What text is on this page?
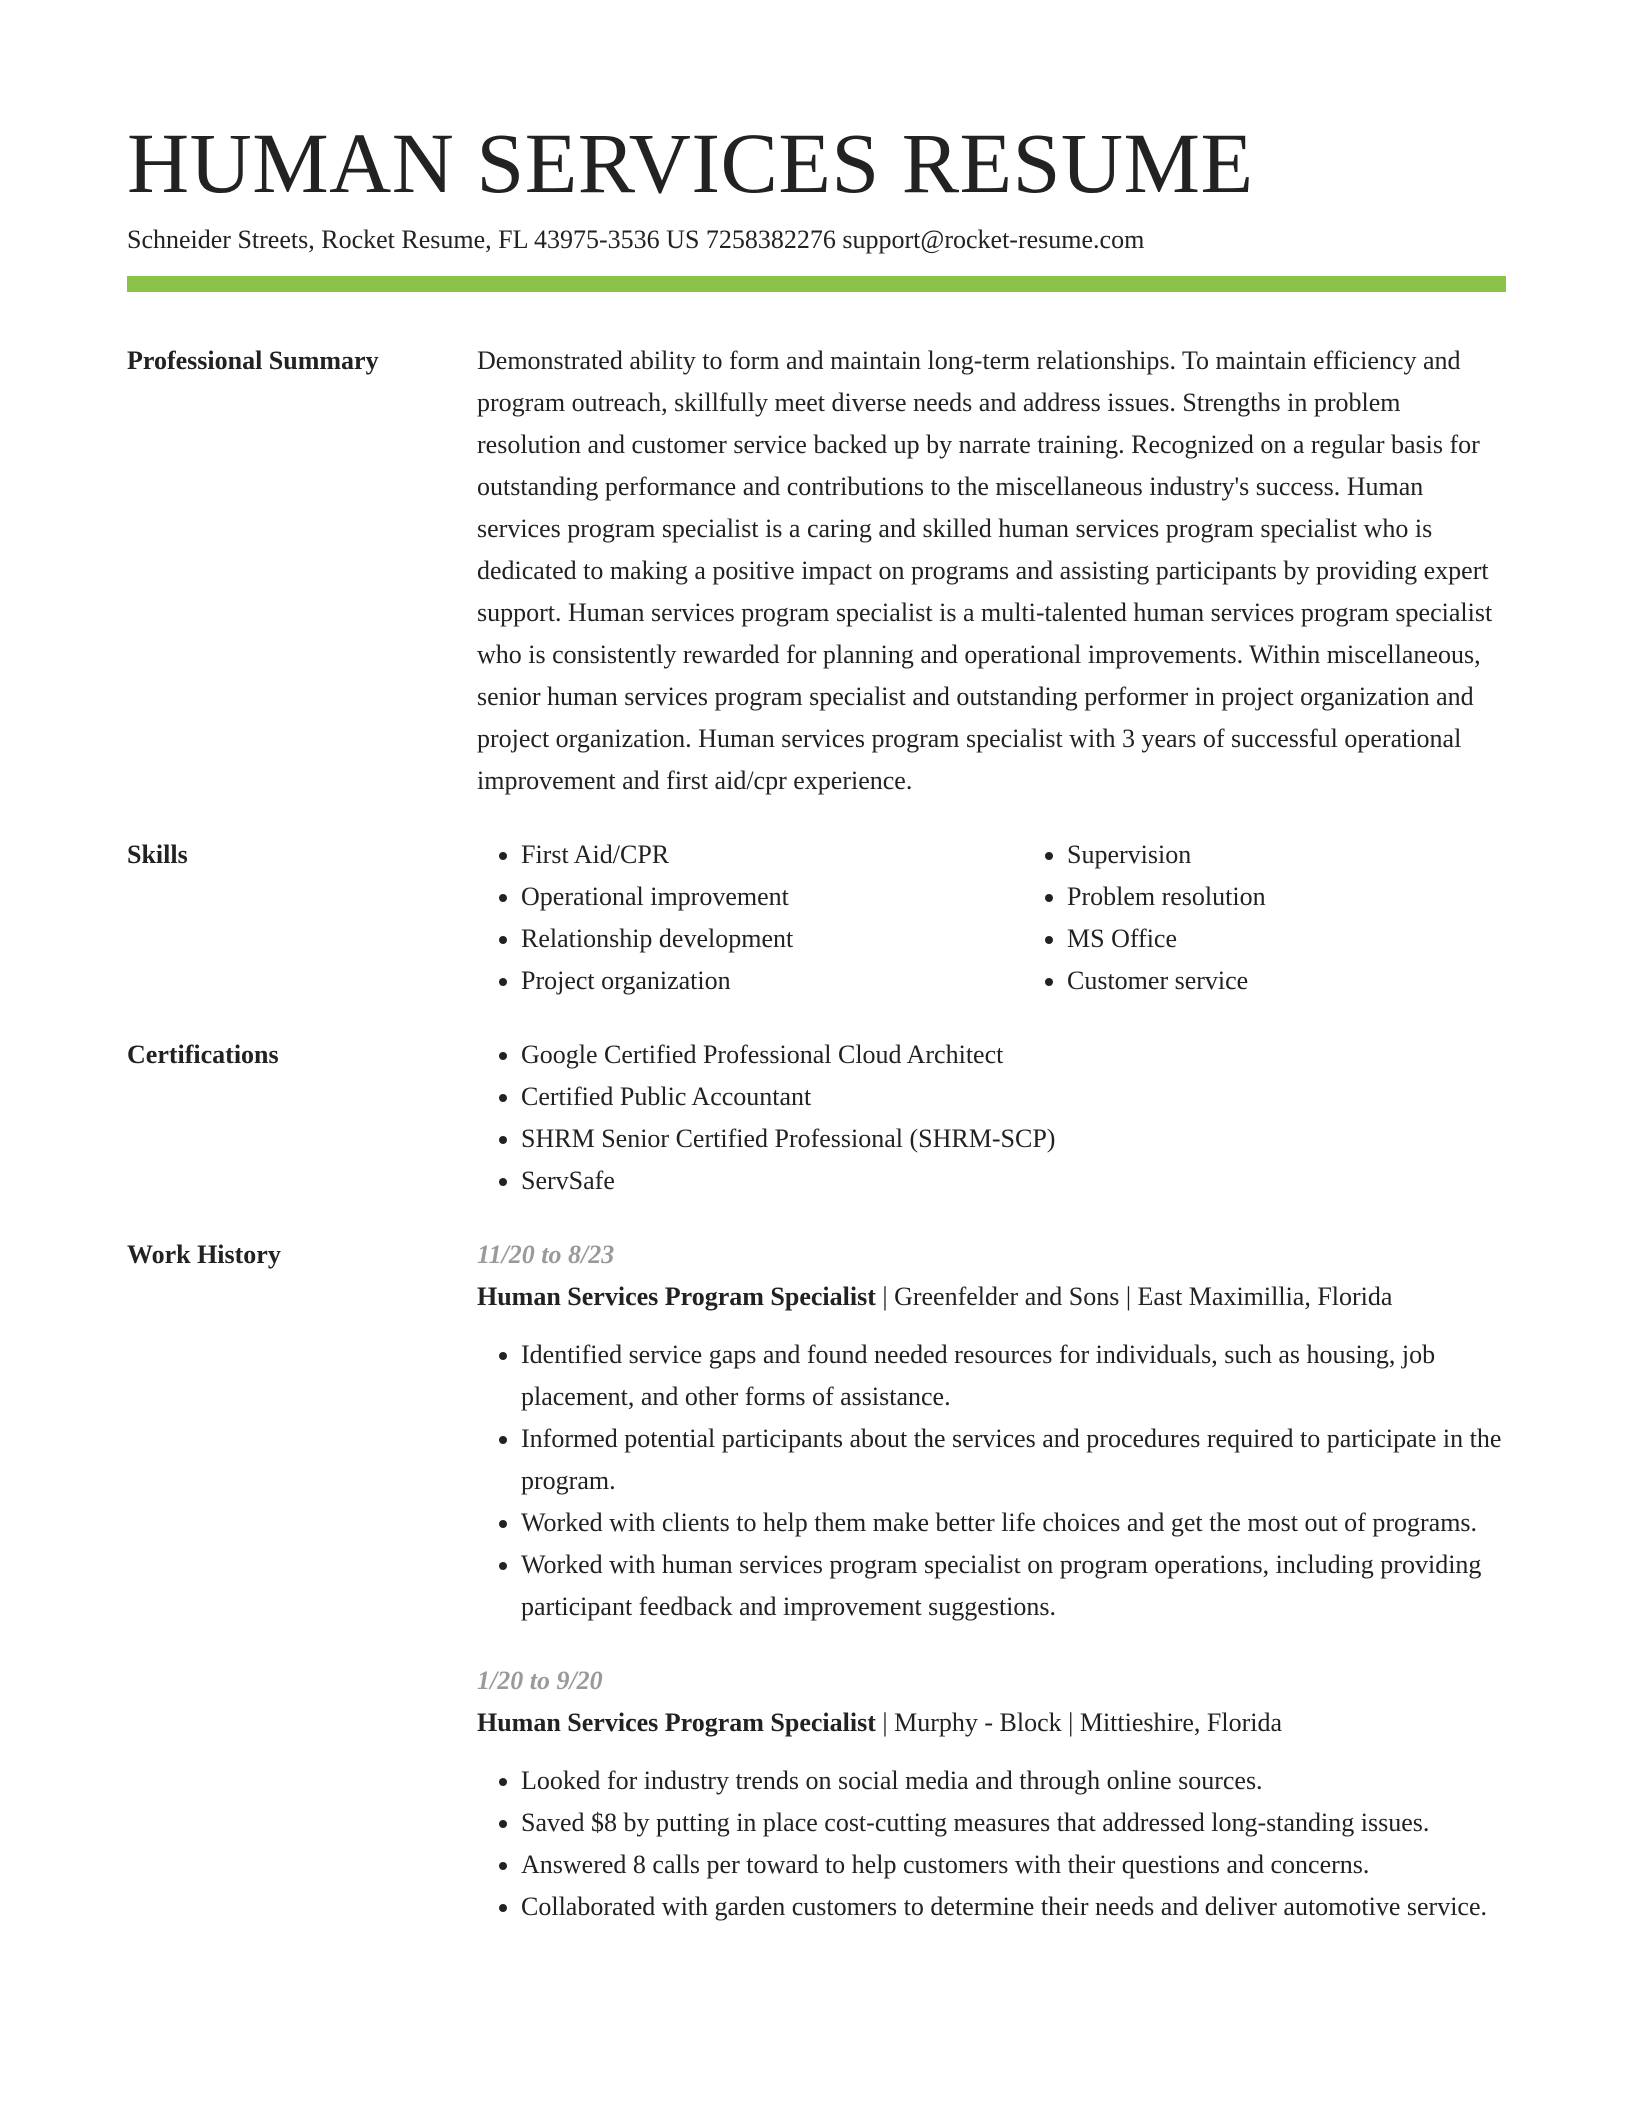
HUMAN SERVICES RESUME
Schneider Streets, Rocket Resume, FL 43975-3536 US 7258382276 support@rocket-resume.com
Professional Summary	Demonstrated ability to form and maintain long-term relationships. To maintain efficiency and program outreach, skillfully meet diverse needs and address issues. Strengths in problem resolution and customer service backed up by narrate training. Recognized on a regular basis for outstanding performance and contributions to the miscellaneous industry's success. Human services program specialist is a caring and skilled human services program specialist who is dedicated to making a positive impact on programs and assisting participants by providing expert support. Human services program specialist is a multi-talented human services program specialist who is consistently rewarded for planning and operational improvements. Within miscellaneous, senior human services program specialist and outstanding performer in project organization and project organization. Human services program specialist with 3 years of successful operational improvement and first aid/cpr experience.
Skills	• First Aid/CPR
• Operational improvement
• Relationship development
• Project organization
• Supervision
• Problem resolution
• MS Office
• Customer service
Certifications	• Google Certified Professional Cloud Architect
• Certified Public Accountant
• SHRM Senior Certified Professional (SHRM-SCP)
• ServSafe
Work History	11/20 to 8/23
Human Services Program Specialist | Greenfelder and Sons | East Maximillia, Florida
• Identified service gaps and found needed resources for individuals, such as housing, job placement, and other forms of assistance.
• Informed potential participants about the services and procedures required to participate in the program.
• Worked with clients to help them make better life choices and get the most out of programs.
• Worked with human services program specialist on program operations, including providing participant feedback and improvement suggestions.
1/20 to 9/20
Human Services Program Specialist | Murphy - Block | Mittieshire, Florida
• Looked for industry trends on social media and through online sources.
• Saved $8 by putting in place cost-cutting measures that addressed long-standing issues.
• Answered 8 calls per toward to help customers with their questions and concerns.
• Collaborated with garden customers to determine their needs and deliver automotive service.
